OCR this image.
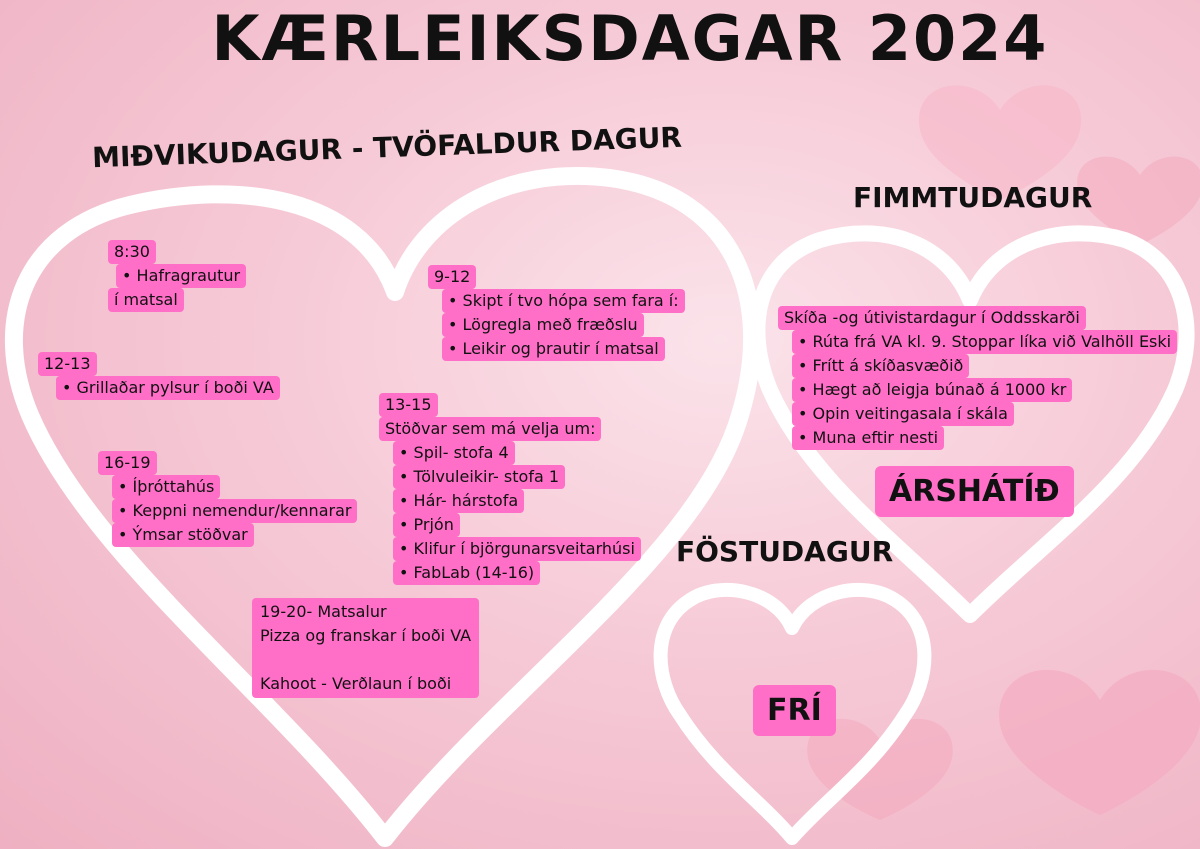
KÆRLEIKSDAGAR 2024
MIÐVIKUDAGUR - TVÖFALDUR DAGUR
FIMMTUDAGUR
FÖSTUDAGUR
8:30
• Hafragrautur
í matsal
12-13
• Grillaðar pylsur í boði VA
16-19
• Íþróttahús
• Keppni nemendur/kennarar
• Ýmsar stöðvar
9-12
• Skipt í tvo hópa sem fara í:
• Lögregla með fræðslu
• Leikir og þrautir í matsal
13-15
Stöðvar sem má velja um:
• Spil- stofa 4
• Tölvuleikir- stofa 1
• Hár- hárstofa
• Prjón
• Klifur í björgunarsveitarhúsi
• FabLab (14-16)
19-20- Matsalur
Pizza og franskar í boði VA
Kahoot - Verðlaun í boði
Skíða -og útivistardagur í Oddsskarði
• Rúta frá VA kl. 9. Stoppar líka við Valhöll Eski
• Frítt á skíðasvæðið
• Hægt að leigja búnað á 1000 kr
• Opin veitingasala í skála
• Muna eftir nesti
ÁRSHÁTÍÐ
FRÍ
